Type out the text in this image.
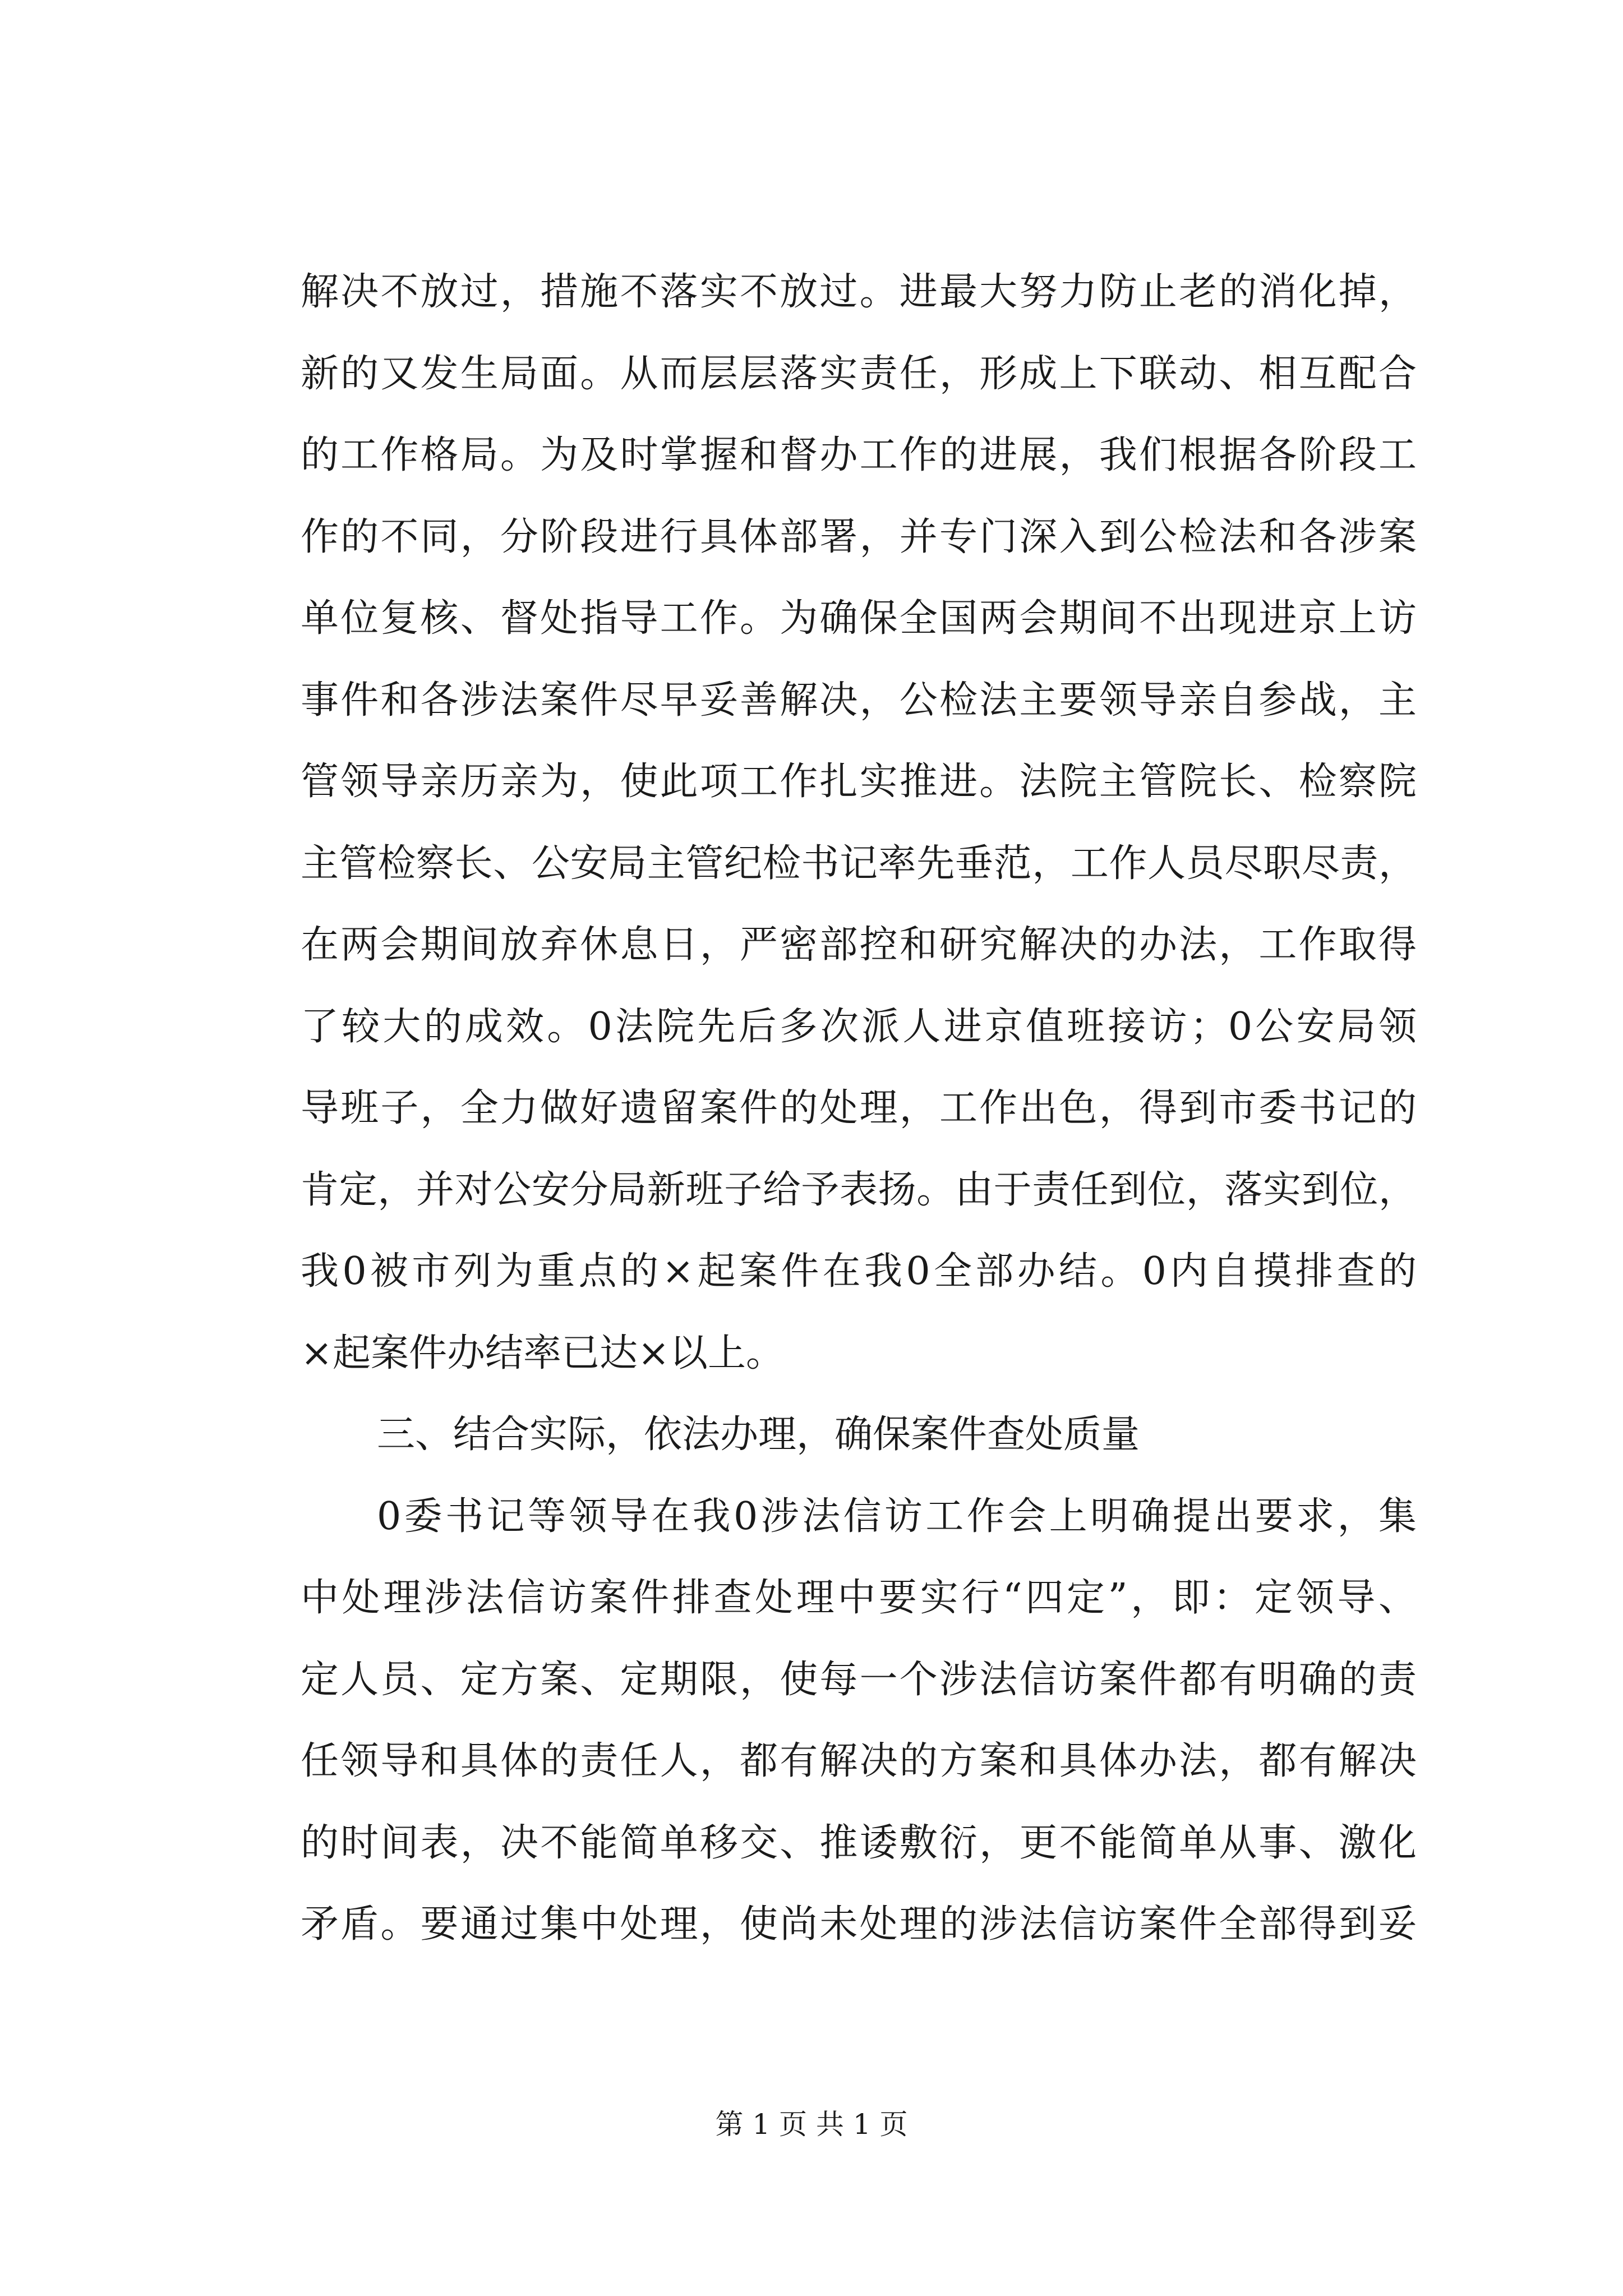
解决不放过，措施不落实不放过。进最大努力防止老的消化掉，
新的又发生局面。从而层层落实责任，形成上下联动、相互配合
的工作格局。为及时掌握和督办工作的进展，我们根据各阶段工
作的不同，分阶段进行具体部署，并专门深入到公检法和各涉案
单位复核、督处指导工作。为确保全国两会期间不出现进京上访
事件和各涉法案件尽早妥善解决，公检法主要领导亲自参战，主
管领导亲历亲为，使此项工作扎实推进。法院主管院长、检察院
主管检察长、公安局主管纪检书记率先垂范，工作人员尽职尽责，
在两会期间放弃休息日，严密部控和研究解决的办法，工作取得
了较大的成效。0法院先后多次派人进京值班接访；0公安局领
导班子，全力做好遗留案件的处理，工作出色，得到市委书记的
肯定，并对公安分局新班子给予表扬。由于责任到位，落实到位，
我0被市列为重点的×起案件在我0全部办结。0内自摸排查的
×起案件办结率已达×以上。
三、结合实际，依法办理，确保案件查处质量
0委书记等领导在我0涉法信访工作会上明确提出要求，集
中处理涉法信访案件排查处理中要实行“四定”，即：定领导、
定人员、定方案、定期限，使每一个涉法信访案件都有明确的责
任领导和具体的责任人，都有解决的方案和具体办法，都有解决
的时间表，决不能简单移交、推诿敷衍，更不能简单从事、激化
矛盾。要通过集中处理，使尚未处理的涉法信访案件全部得到妥
第 1 页 共 1 页
